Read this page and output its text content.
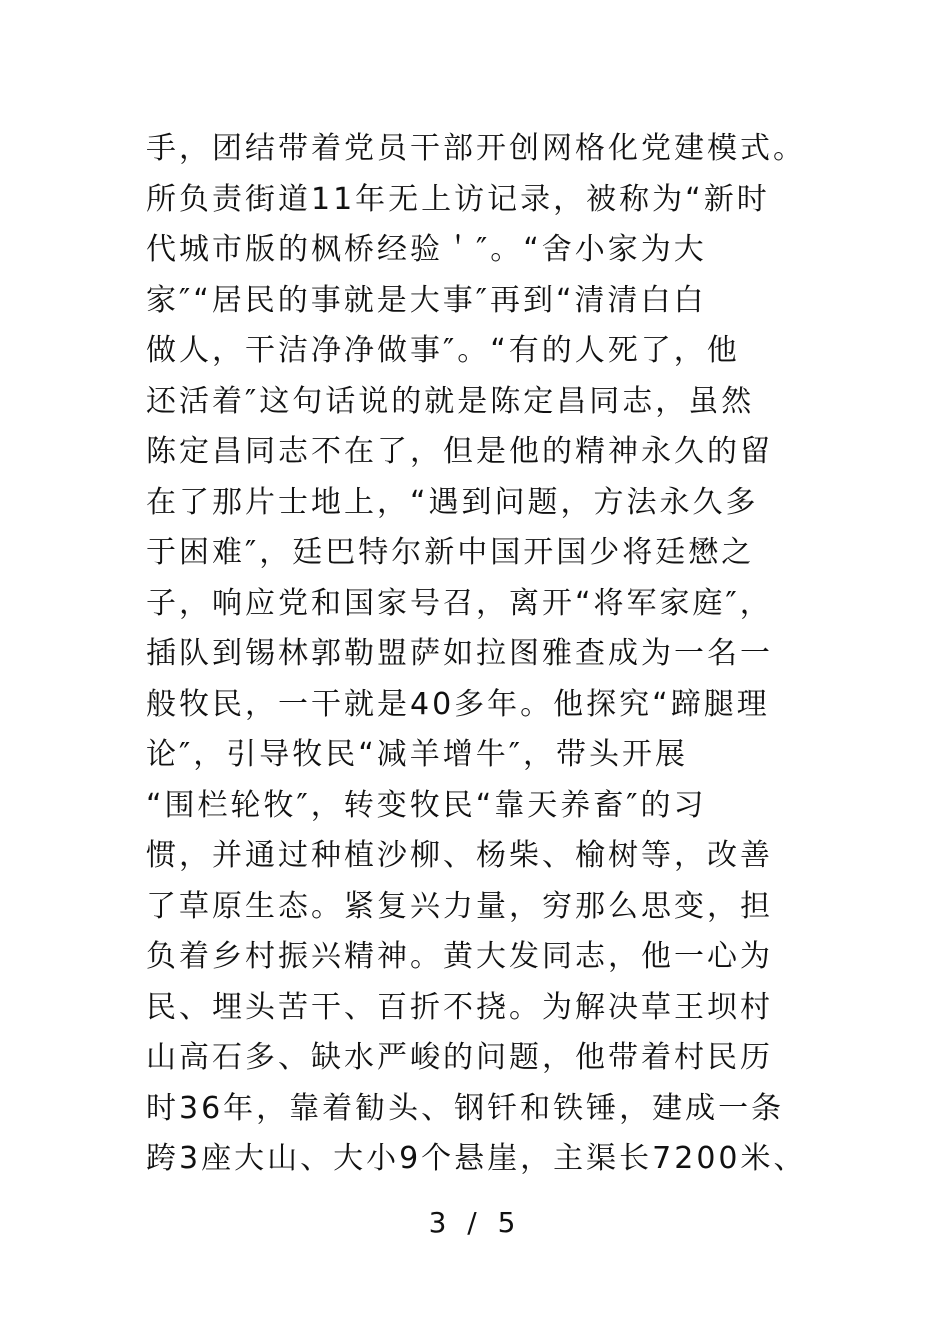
手，团结带着党员干部开创网格化党建模式。
所负责街道11年无上访记录，被称为“新时
代城市版的枫桥经验＇″。“舍小家为大
家″“居民的事就是大事″再到“清清白白
做人，干洁净净做事″。“有的人死了，他
还活着″这句话说的就是陈定昌同志，虽然
陈定昌同志不在了，但是他的精神永久的留
在了那片士地上，“遇到问题，方法永久多
于困难″，廷巴特尔新中国开国少将廷懋之
子，响应党和国家号召，离开“将军家庭″，
插队到锡林郭勒盟萨如拉图雅查成为一名一
般牧民，一干就是40多年。他探究“蹄腿理
论″，引导牧民“减羊增牛″，带头开展
“围栏轮牧″，转变牧民“靠天养畜″的习
惯，并通过种植沙柳、杨柴、榆树等，改善
了草原生态。紧复兴力量，穷那么思变，担
负着乡村振兴精神。黄大发同志，他一心为
民、埋头苦干、百折不挠。为解决草王坝村
山高石多、缺水严峻的问题，他带着村民历
时36年，靠着勧头、钢钎和铁锤，建成一条
跨3座大山、大小9个悬崖，主渠长7200米、
3 / 5
